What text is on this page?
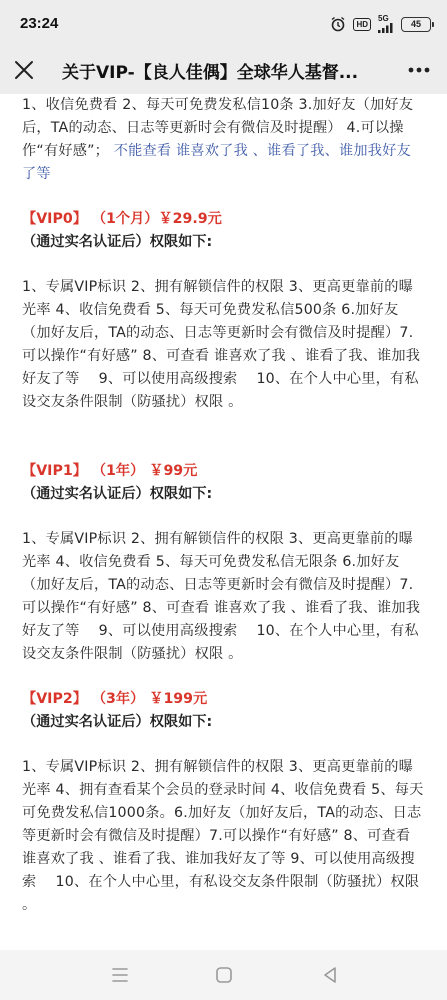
23:24	HD
5G	45
关于VIP-【良人佳偶】全球华人基督...

1、收信免费看 2、每天可免费发私信10条 3.加好友（加好友后，TA的动态、日志等更新时会有微信及时提醒） 4.可以操作“有好感”； 不能查看 谁喜欢了我 、谁看了我、谁加我好友了等

【VIP0】 （1个月）￥29.9元

（通过实名认证后）权限如下:

1、专属VIP标识 2、拥有解锁信件的权限 3、更高更靠前的曝光率 4、收信免费看 5、每天可免费发私信500条 6.加好友（加好友后，TA的动态、日志等更新时会有微信及时提醒）7.可以操作“有好感” 8、可查看 谁喜欢了我 、谁看了我、谁加我好友了等　 9、可以使用高级搜索　 10、在个人中心里，有私设交友条件限制（防骚扰）权限 。

【VIP1】 （1年） ￥99元

（通过实名认证后）权限如下:

1、专属VIP标识 2、拥有解锁信件的权限 3、更高更靠前的曝光率 4、收信免费看 5、每天可免费发私信无限条 6.加好友（加好友后，TA的动态、日志等更新时会有微信及时提醒）7.可以操作“有好感” 8、可查看 谁喜欢了我 、谁看了我、谁加我好友了等　 9、可以使用高级搜索　 10、在个人中心里，有私设交友条件限制（防骚扰）权限 。

【VIP2】 （3年） ￥199元

（通过实名认证后）权限如下:

1、专属VIP标识 2、拥有解锁信件的权限 3、更高更靠前的曝光率 4、拥有查看某个会员的登录时间 4、收信免费看 5、每天可免费发私信1000条。6.加好友（加好友后，TA的动态、日志等更新时会有微信及时提醒）7.可以操作“有好感” 8、可查看 谁喜欢了我 、谁看了我、谁加我好友了等 9、可以使用高级搜索　 10、在个人中心里，有私设交友条件限制（防骚扰）权限 。
